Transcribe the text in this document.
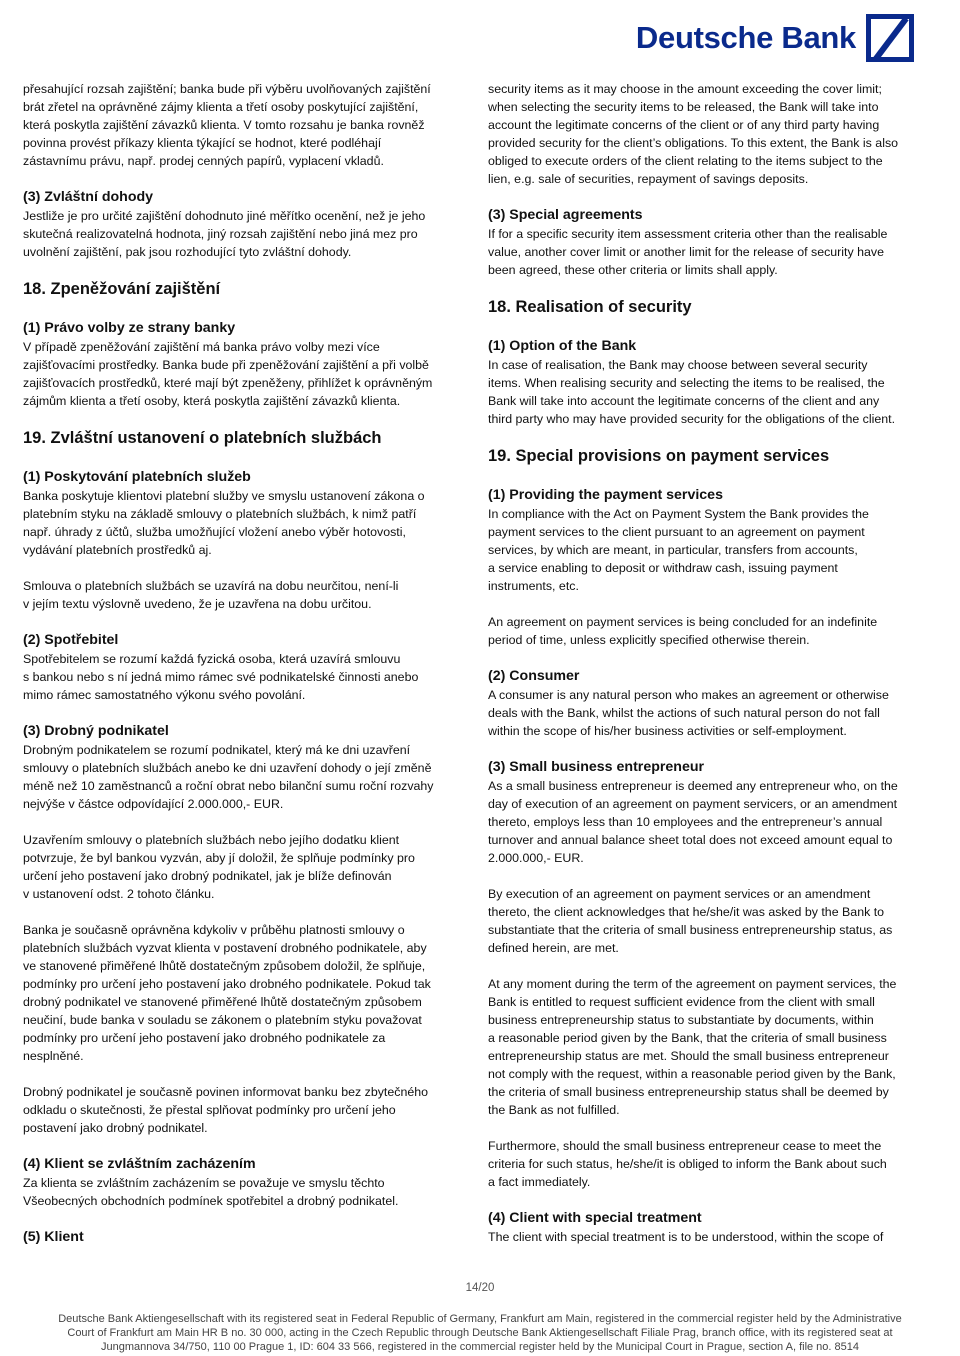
Deutsche Bank

přesahující rozsah zajištění; banka bude při výběru uvolňovaných zajištění
brát zřetel na oprávněné zájmy klienta a třetí osoby poskytující zajištění,
která poskytla zajištění závazků klienta. V tomto rozsahu je banka rovněž
povinna provést příkazy klienta týkající se hodnot, které podléhají
zástavnímu právu, např. prodej cenných papírů, vyplacení vkladů.

(3) Zvláštní dohody

Jestliže je pro určité zajištění dohodnuto jiné měřítko ocenění, než je jeho
skutečná realizovatelná hodnota, jiný rozsah zajištění nebo jiná mez pro
uvolnění zajištění, pak jsou rozhodující tyto zvláštní dohody.

18. Zpeněžování zajištění
(1) Právo volby ze strany banky

V případě zpeněžování zajištění má banka právo volby mezi více
zajišťovacími prostředky. Banka bude při zpeněžování zajištění a při volbě
zajišťovacích prostředků, které mají být zpeněženy, přihlížet k oprávněným
zájmům klienta a třetí osoby, která poskytla zajištění závazků klienta.

19. Zvláštní ustanovení o platebních službách
(1) Poskytování platebních služeb

Banka poskytuje klientovi platební služby ve smyslu ustanovení zákona o
platebním styku na základě smlouvy o platebních službách, k nimž patří
např. úhrady z účtů, služba umožňující vložení anebo výběr hotovosti,
vydávání platebních prostředků aj.

Smlouva o platebních službách se uzavírá na dobu neurčitou, není-li
v jejím textu výslovně uvedeno, že je uzavřena na dobu určitou.

(2) Spotřebitel

Spotřebitelem se rozumí každá fyzická osoba, která uzavírá smlouvu
s bankou nebo s ní jedná mimo rámec své podnikatelské činnosti anebo
mimo rámec samostatného výkonu svého povolání.

(3) Drobný podnikatel

Drobným podnikatelem se rozumí podnikatel, který má ke dni uzavření
smlouvy o platebních službách anebo ke dni uzavření dohody o její změně
méně než 10 zaměstnanců a roční obrat nebo bilanční sumu roční rozvahy
nejvýše v částce odpovídající 2.000.000,- EUR.

Uzavřením smlouvy o platebních službách nebo jejího dodatku klient
potvrzuje, že byl bankou vyzván, aby jí doložil, že splňuje podmínky pro
určení jeho postavení jako drobný podnikatel, jak je blíže definován
v ustanovení odst. 2 tohoto článku.

Banka je současně oprávněna kdykoliv v průběhu platnosti smlouvy o
platebních službách vyzvat klienta v postavení drobného podnikatele, aby
ve stanovené přiměřené lhůtě dostatečným způsobem doložil, že splňuje,
podmínky pro určení jeho postavení jako drobného podnikatele. Pokud tak
drobný podnikatel ve stanovené přiměřené lhůtě dostatečným způsobem
neučiní, bude banka v souladu se zákonem o platebním styku považovat
podmínky pro určení jeho postavení jako drobného podnikatele za
nesplněné.

Drobný podnikatel je současně povinen informovat banku bez zbytečného
odkladu o skutečnosti, že přestal splňovat podmínky pro určení jeho
postavení jako drobný podnikatel.

(4) Klient se zvláštním zacházením

Za klienta se zvláštním zacházením se považuje ve smyslu těchto
Všeobecných obchodních podmínek spotřebitel a drobný podnikatel.

(5) Klient

security items as it may choose in the amount exceeding the cover limit;
when selecting the security items to be released, the Bank will take into
account the legitimate concerns of the client or of any third party having
provided security for the client’s obligations. To this extent, the Bank is also
obliged to execute orders of the client relating to the items subject to the
lien, e.g. sale of securities, repayment of savings deposits.

(3) Special agreements

If for a specific security item assessment criteria other than the realisable
value, another cover limit or another limit for the release of security have
been agreed, these other criteria or limits shall apply.

18. Realisation of security
(1) Option of the Bank

In case of realisation, the Bank may choose between several security
items. When realising security and selecting the items to be realised, the
Bank will take into account the legitimate concerns of the client and any
third party who may have provided security for the obligations of the client.

19. Special provisions on payment services
(1) Providing the payment services

In compliance with the Act on Payment System the Bank provides the
payment services to the client pursuant to an agreement on payment
services, by which are meant, in particular, transfers from accounts,
a service enabling to deposit or withdraw cash, issuing payment
instruments, etc.

An agreement on payment services is being concluded for an indefinite
period of time, unless explicitly specified otherwise therein.

(2) Consumer

A consumer is any natural person who makes an agreement or otherwise
deals with the Bank, whilst the actions of such natural person do not fall
within the scope of his/her business activities or self-employment.

(3) Small business entrepreneur

As a small business entrepreneur is deemed any entrepreneur who, on the
day of execution of an agreement on payment servicers, or an amendment
thereto, employs less than 10 employees and the entrepreneur’s annual
turnover and annual balance sheet total does not exceed amount equal to
2.000.000,- EUR.

By execution of an agreement on payment services or an amendment
thereto, the client acknowledges that he/she/it was asked by the Bank to
substantiate that the criteria of small business entrepreneurship status, as
defined herein, are met.

At any moment during the term of the agreement on payment services, the
Bank is entitled to request sufficient evidence from the client with small
business entrepreneurship status to substantiate by documents, within
a reasonable period given by the Bank, that the criteria of small business
entrepreneurship status are met. Should the small business entrepreneur
not comply with the request, within a reasonable period given by the Bank,
the criteria of small business entrepreneurship status shall be deemed by
the Bank as not fulfilled.

Furthermore, should the small business entrepreneur cease to meet the
criteria for such status, he/she/it is obliged to inform the Bank about such
a fact immediately.

(4) Client with special treatment

The client with special treatment is to be understood, within the scope of

14/20
Deutsche Bank Aktiengesellschaft with its registered seat in Federal Republic of Germany, Frankfurt am Main, registered in the commercial register held by the Administrative
Court of Frankfurt am Main HR B no. 30 000, acting in the Czech Republic through Deutsche Bank Aktiengesellschaft Filiale Prag, branch office, with its registered seat at
Jungmannova 34/750, 110 00 Prague 1, ID: 604 33 566, registered in the commercial register held by the Municipal Court in Prague, section A, file no. 8514
